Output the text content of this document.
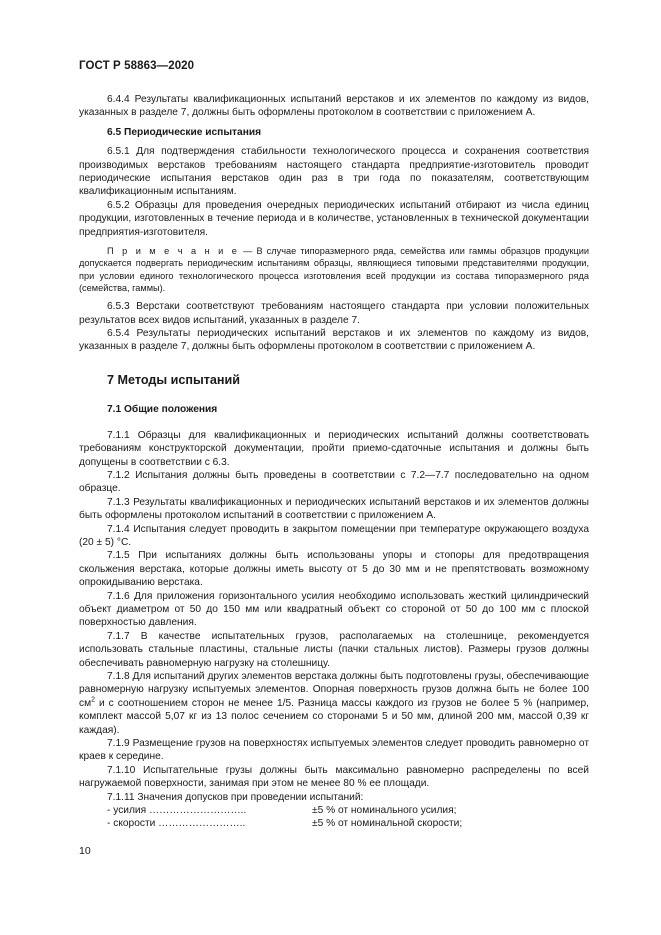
ГОСТ Р 58863—2020

6.4.4 Результаты квалификационных испытаний верстаков и их элементов по каждому из видов, указанных в разделе 7, должны быть оформлены протоколом в соответствии с приложением А.

6.5 Периодические испытания

6.5.1 Для подтверждения стабильности технологического процесса и сохранения соответствия производимых верстаков требованиям настоящего стандарта предприятие-изготовитель проводит периодические испытания верстаков один раз в три года по показателям, соответствующим квалификационным испытаниям.

6.5.2 Образцы для проведения очередных периодических испытаний отбирают из числа единиц продукции, изготовленных в течение периода и в количестве, установленных в технической документации предприятия-изготовителя.

П р и м е ч а н и е — В случае типоразмерного ряда, семейства или гаммы образцов продукции допускается подвергать периодическим испытаниям образцы, являющиеся типовыми представителями продукции, при условии единого технологического процесса изготовления всей продукции из состава типоразмерного ряда (семейства, гаммы).

6.5.3 Верстаки соответствуют требованиям настоящего стандарта при условии положительных результатов всех видов испытаний, указанных в разделе 7.

6.5.4 Результаты периодических испытаний верстаков и их элементов по каждому из видов, указанных в разделе 7, должны быть оформлены протоколом в соответствии с приложением А.

7 Методы испытаний
7.1 Общие положения

7.1.1 Образцы для квалификационных и периодических испытаний должны соответствовать требованиям конструкторской документации, пройти приемо-сдаточные испытания и должны быть допущены в соответствии с 6.3.

7.1.2 Испытания должны быть проведены в соответствии с 7.2—7.7 последовательно на одном образце.

7.1.3 Результаты квалификационных и периодических испытаний верстаков и их элементов должны быть оформлены протоколом испытаний в соответствии с приложением А.

7.1.4 Испытания следует проводить в закрытом помещении при температуре окружающего воздуха (20 ± 5) °С.

7.1.5 При испытаниях должны быть использованы упоры и стопоры для предотвращения скольжения верстака, которые должны иметь высоту от 5 до 30 мм и не препятствовать возможному опрокидыванию верстака.

7.1.6 Для приложения горизонтального усилия необходимо использовать жесткий цилиндрический объект диаметром от 50 до 150 мм или квадратный объект со стороной от 50 до 100 мм с плоской поверхностью давления.

7.1.7 В качестве испытательных грузов, располагаемых на столешнице, рекомендуется использовать стальные пластины, стальные листы (пачки стальных листов). Размеры грузов должны обеспечивать равномерную нагрузку на столешницу.

7.1.8 Для испытаний других элементов верстака должны быть подготовлены грузы, обеспечивающие равномерную нагрузку испытуемых элементов. Опорная поверхность грузов должна быть не более 100 $см^2$ и с соотношением сторон не менее 1/5. Разница массы каждого из грузов не более 5 % (например, комплект массой 5,07 кг из 13 полос сечением со сторонами 5 и 50 мм, длиной 200 мм, массой 0,39 кг каждая).

7.1.9 Размещение грузов на поверхностях испытуемых элементов следует проводить равномерно от краев к середине.

7.1.10 Испытательные грузы должны быть максимально равномерно распределены по всей нагружаемой поверхности, занимая при этом не менее 80 % ее площади.

7.1.11 Значения допусков при проведении испытаний:

- усилия ………………………..	±5 % от номинального усилия;
- скорости ……………………..	±5 % от номинальной скорости;
10
